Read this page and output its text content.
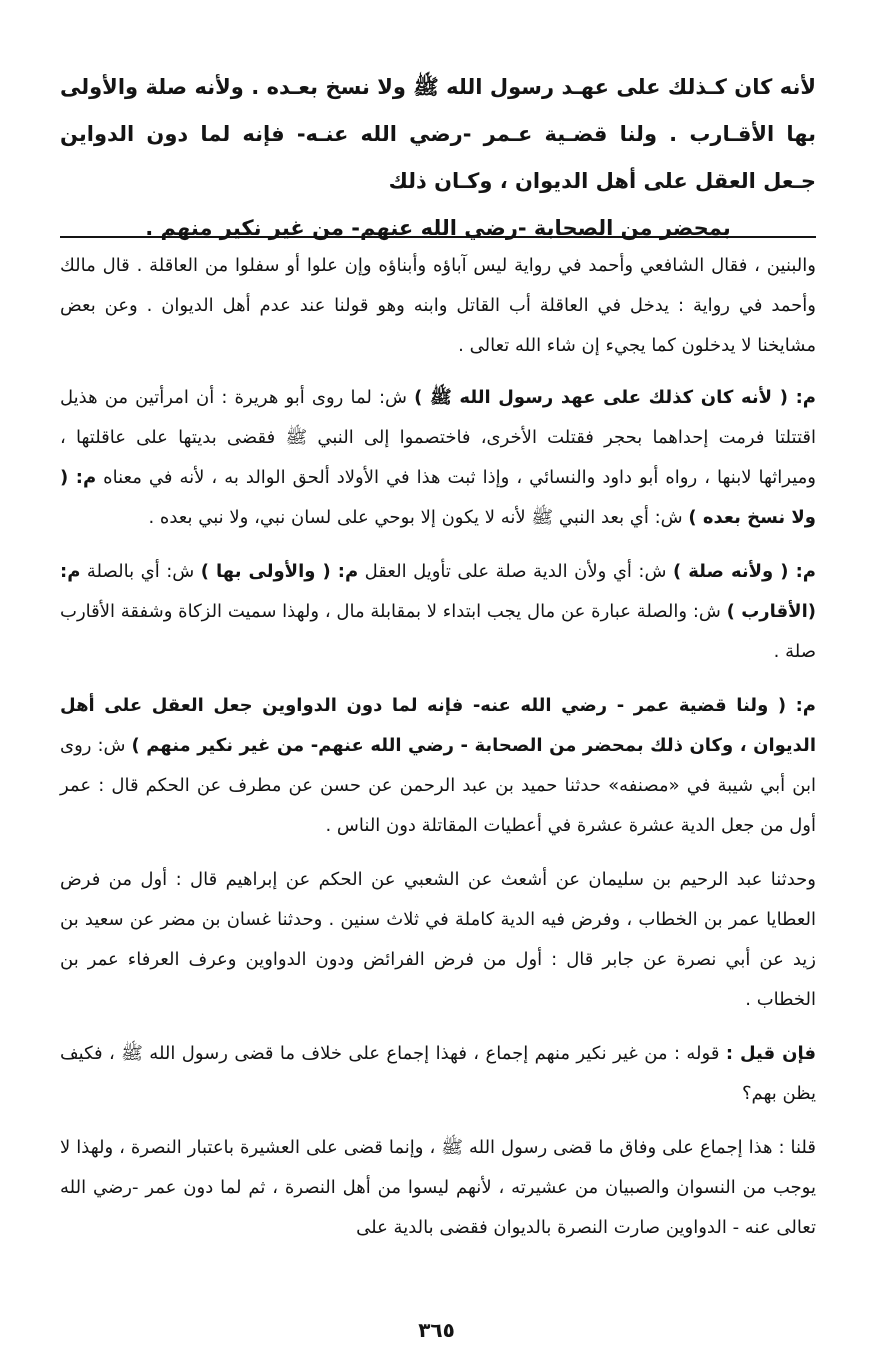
لأنه كان كـذلك على عهـد رسول الله ﷺ ولا نسخ بعـده . ولأنه صلة والأولى بها الأقـارب . ولنا قضـية عـمر -رضي الله عنـه- فإنه لما دون الدواين جـعل العقل على أهل الديوان ، وكـان ذلك
بمحضر من الصحابة -رضي الله عنهم- من غير نكير منهم .

والبنين ، فقال الشافعي وأحمد في رواية ليس آباؤه وأبناؤه وإن علوا أو سفلوا من العاقلة . قال مالك وأحمد في رواية : يدخل في العاقلة أب القاتل وابنه وهو قولنا عند عدم أهل الديوان . وعن بعض مشايخنا لا يدخلون كما يجيء إن شاء الله تعالى .

م: ( لأنه كان كذلك على عهد رسول الله ﷺ ) ش: لما روى أبو هريرة : أن امرأتين من هذيل اقتتلتا فرمت إحداهما بحجر فقتلت الأخرى، فاختصموا إلى النبي ﷺ فقضى بديتها على عاقلتها ، وميراثها لابنها ، رواه أبو داود والنسائي ، وإذا ثبت هذا في الأولاد ألحق الوالد به ، لأنه في معناه م: ( ولا نسخ بعده ) ش: أي بعد النبي ﷺ لأنه لا يكون إلا بوحي على لسان نبي، ولا نبي بعده .

م: ( ولأنه صلة ) ش: أي ولأن الدية صلة على تأويل العقل م: ( والأولى بها ) ش: أي بالصلة م: (الأقارب ) ش: والصلة عبارة عن مال يجب ابتداء لا بمقابلة مال ، ولهذا سميت الزكاة وشفقة الأقارب صلة .

م: ( ولنا قضية عمر - رضي الله عنه- فإنه لما دون الدواوين جعل العقل على أهل الديوان ، وكان ذلك بمحضر من الصحابة - رضي الله عنهم- من غير نكير منهم ) ش: روى ابن أبي شيبة في «مصنفه» حدثنا حميد بن عبد الرحمن عن حسن عن مطرف عن الحكم قال : عمر أول من جعل الدية عشرة عشرة في أعطيات المقاتلة دون الناس .

وحدثنا عبد الرحيم بن سليمان عن أشعث عن الشعبي عن الحكم عن إبراهيم قال : أول من فرض العطايا عمر بن الخطاب ، وفرض فيه الدية كاملة في ثلاث سنين . وحدثنا غسان بن مضر عن سعيد بن زيد عن أبي نصرة عن جابر قال : أول من فرض الفرائض ودون الدواوين وعرف العرفاء عمر بن الخطاب .

فإن قيل : قوله : من غير نكير منهم إجماع ، فهذا إجماع على خلاف ما قضى رسول الله ﷺ ، فكيف يظن بهم؟

قلنا : هذا إجماع على وفاق ما قضى رسول الله ﷺ ، وإنما قضى على العشيرة باعتبار النصرة ، ولهذا لا يوجب من النسوان والصبيان من عشيرته ، لأنهم ليسوا من أهل النصرة ، ثم لما دون عمر -رضي الله تعالى عنه - الدواوين صارت النصرة بالديوان فقضى بالدية على

٣٦٥
